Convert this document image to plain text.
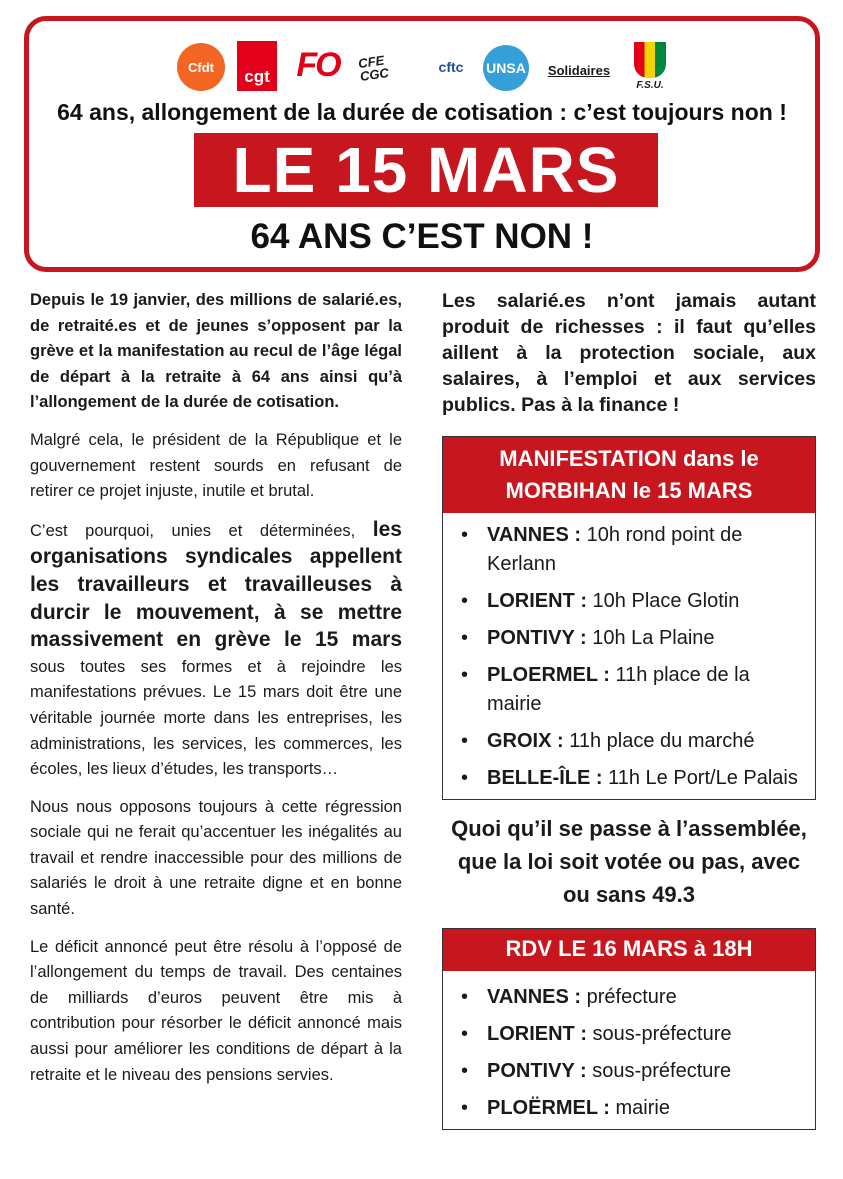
Cfdt	cgt FO CFE CGC	cftc	UNSA	Solidaires
F.S.U.
64 ans, allongement de la durée de cotisation : c’est toujours non !
LE 15 MARS
64 ANS C’EST NON !

Depuis le 19 janvier, des millions de salarié.es, de retraité.es et de jeunes s’opposent par la grève et la manifestation au recul de l’âge légal de départ à la retraite à 64 ans ainsi qu’à l’allongement de la durée de cotisation.

Malgré cela, le président de la République et le gouvernement restent sourds en refusant de retirer ce projet injuste, inutile et brutal.

C’est pourquoi, unies et déterminées, les organisations syndicales appellent les travailleurs et travailleuses à durcir le mouvement, à se mettre massivement en grève le 15 mars sous toutes ses formes et à rejoindre les manifestations prévues. Le 15 mars doit être une véritable journée morte dans les entreprises, les administrations, les services, les commerces, les écoles, les lieux d’études, les transports…

Nous nous opposons toujours à cette régression sociale qui ne ferait qu’accentuer les inégalités au travail et rendre inaccessible pour des millions de salariés le droit à une retraite digne et en bonne santé.

Le déficit annoncé peut être résolu à l’opposé de l’allongement du temps de travail. Des centaines de milliards d’euros peuvent être mis à contribution pour résorber le déficit annoncé mais aussi pour améliorer les conditions de départ à la retraite et le niveau des pensions servies.

Les salarié.es n’ont jamais autant produit de richesses : il faut qu’elles aillent à la protection sociale, aux salaires, à l’emploi et aux services publics. Pas à la finance !

MANIFESTATION dans le MORBIHAN le 15 MARS
• VANNES : 10h rond point de Kerlann
• LORIENT : 10h Place Glotin
• PONTIVY : 10h La Plaine
• PLOERMEL : 11h place de la mairie
• GROIX : 11h place du marché
• BELLE-ÎLE : 11h Le Port/Le Palais
Quoi qu’il se passe à l’assemblée, que la loi soit votée ou pas, avec ou sans 49.3
RDV LE 16 MARS à 18H
• VANNES : préfecture
• LORIENT : sous-préfecture
• PONTIVY : sous-préfecture
• PLOËRMEL : mairie
